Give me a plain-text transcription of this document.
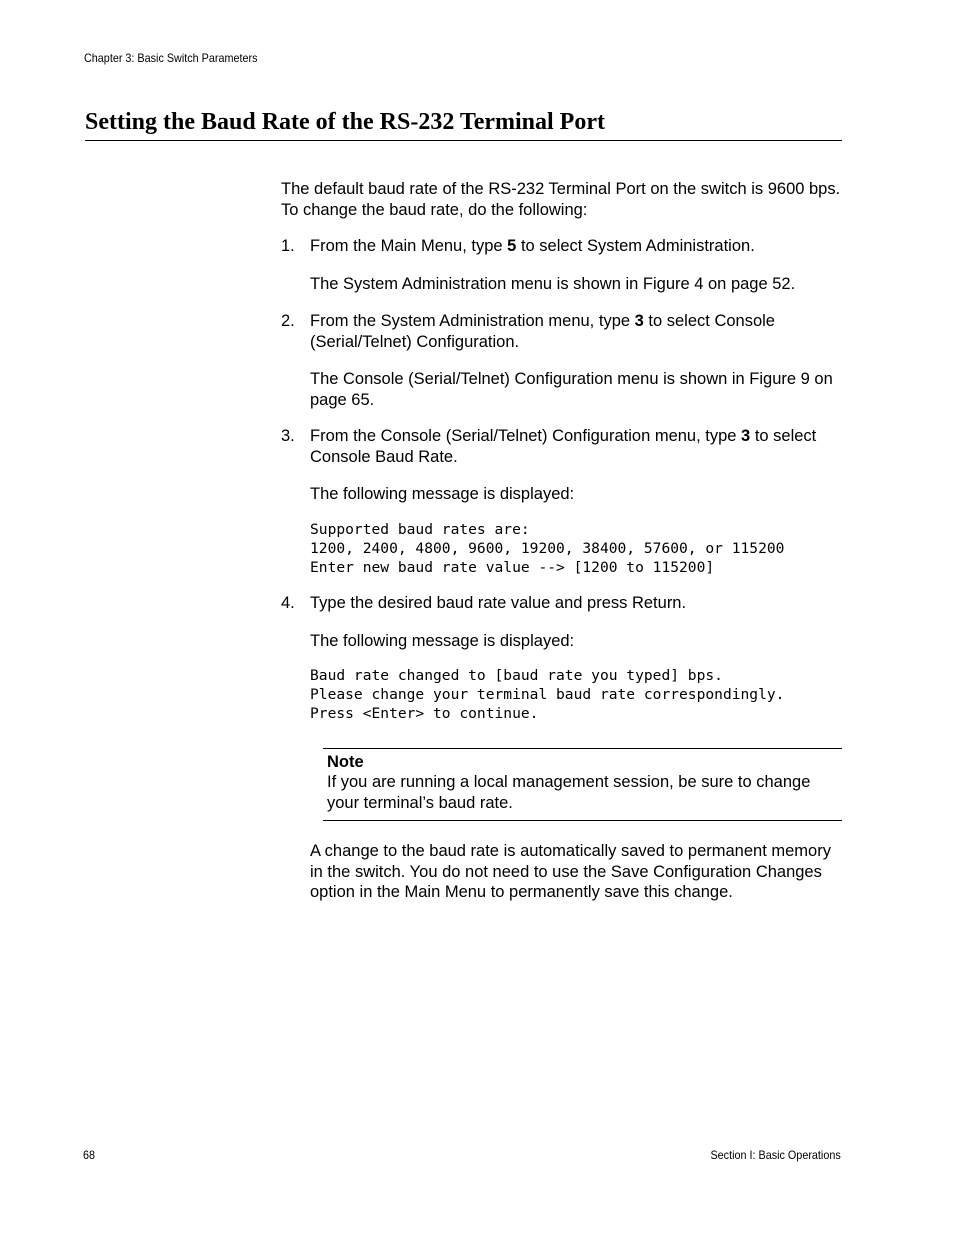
Chapter 3: Basic Switch Parameters
Setting the Baud Rate of the RS-232 Terminal Port

The default baud rate of the RS-232 Terminal Port on the switch is 9600 bps. To change the baud rate, do the following:

1. From the Main Menu, type 5 to select System Administration.

The System Administration menu is shown in Figure 4 on page 52.

2. From the System Administration menu, type 3 to select Console (Serial/Telnet) Configuration.

The Console (Serial/Telnet) Configuration menu is shown in Figure 9 on page 65.

3. From the Console (Serial/Telnet) Configuration menu, type 3 to select Console Baud Rate.

The following message is displayed:

Supported baud rates are:
1200, 2400, 4800, 9600, 19200, 38400, 57600, or 115200
Enter new baud rate value --> [1200 to 115200]
4. Type the desired baud rate value and press Return.

The following message is displayed:

Baud rate changed to [baud rate you typed] bps.
Please change your terminal baud rate correspondingly.
Press <Enter> to continue.
Note

If you are running a local management session, be sure to change your terminal’s baud rate.

A change to the baud rate is automatically saved to permanent memory in the switch. You do not need to use the Save Configuration Changes option in the Main Menu to permanently save this change.

68	Section I: Basic Operations
